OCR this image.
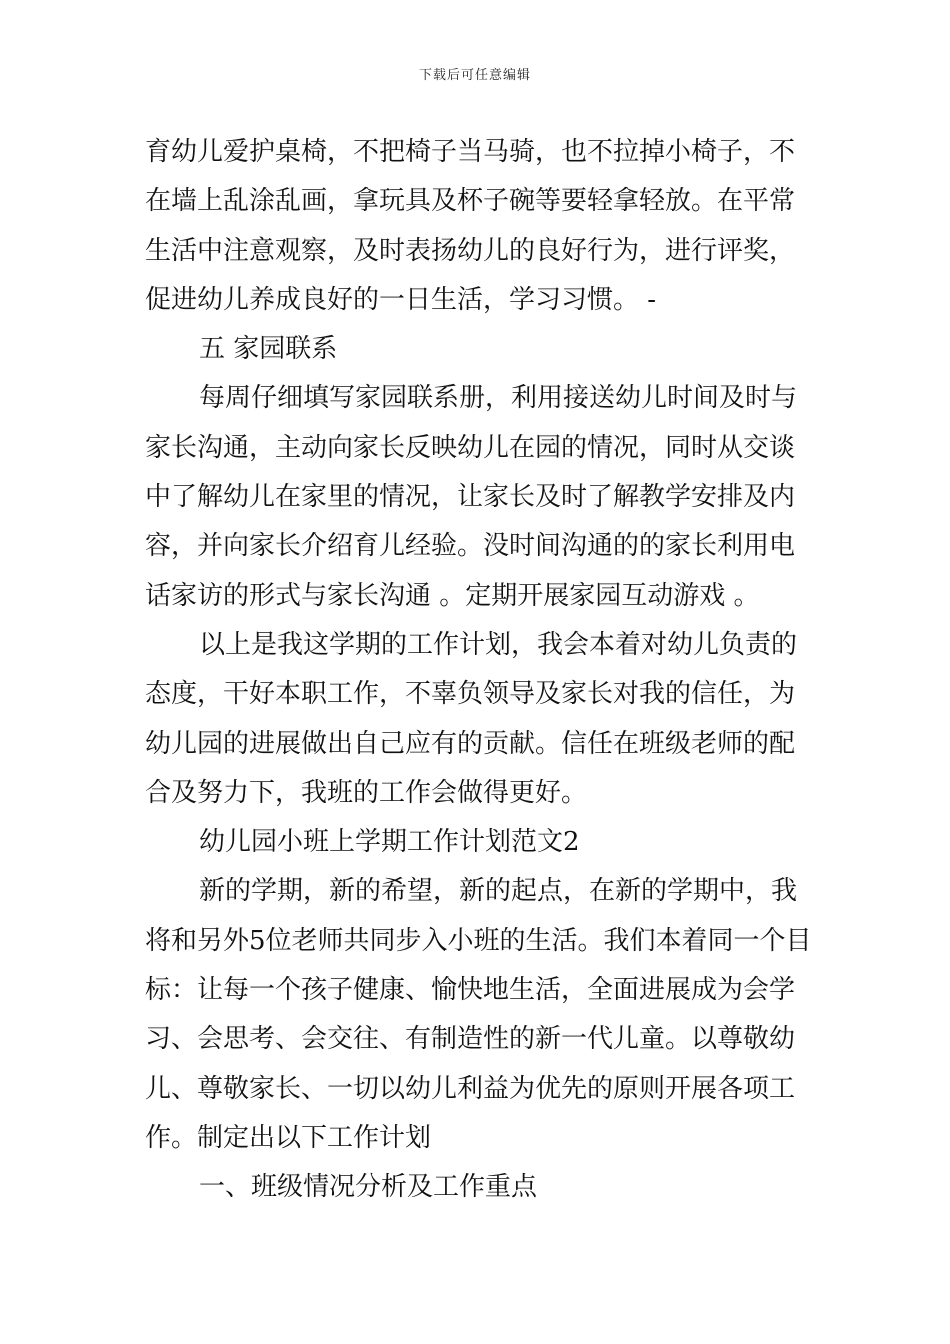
下载后可任意编辑
育幼儿爱护桌椅，不把椅子当马骑，也不拉掉小椅子，不
在墙上乱涂乱画，拿玩具及杯子碗等要轻拿轻放。在平常
生活中注意观察，及时表扬幼儿的良好行为，进行评奖，
促进幼儿养成良好的一日生活，学习习惯。 -
五 家园联系
每周仔细填写家园联系册，利用接送幼儿时间及时与
家长沟通，主动向家长反映幼儿在园的情况，同时从交谈
中了解幼儿在家里的情况，让家长及时了解教学安排及内
容，并向家长介绍育儿经验。没时间沟通的的家长利用电
话家访的形式与家长沟通 。定期开展家园互动游戏 。
以上是我这学期的工作计划，我会本着对幼儿负责的
态度，干好本职工作，不辜负领导及家长对我的信任，为
幼儿园的进展做出自己应有的贡献。信任在班级老师的配
合及努力下，我班的工作会做得更好。
幼儿园小班上学期工作计划范文2
新的学期，新的希望，新的起点，在新的学期中，我
将和另外5位老师共同步入小班的生活。我们本着同一个目
标：让每一个孩子健康、愉快地生活，全面进展成为会学
习、会思考、会交往、有制造性的新一代儿童。以尊敬幼
儿、尊敬家长、一切以幼儿利益为优先的原则开展各项工
作。制定出以下工作计划
一、班级情况分析及工作重点
